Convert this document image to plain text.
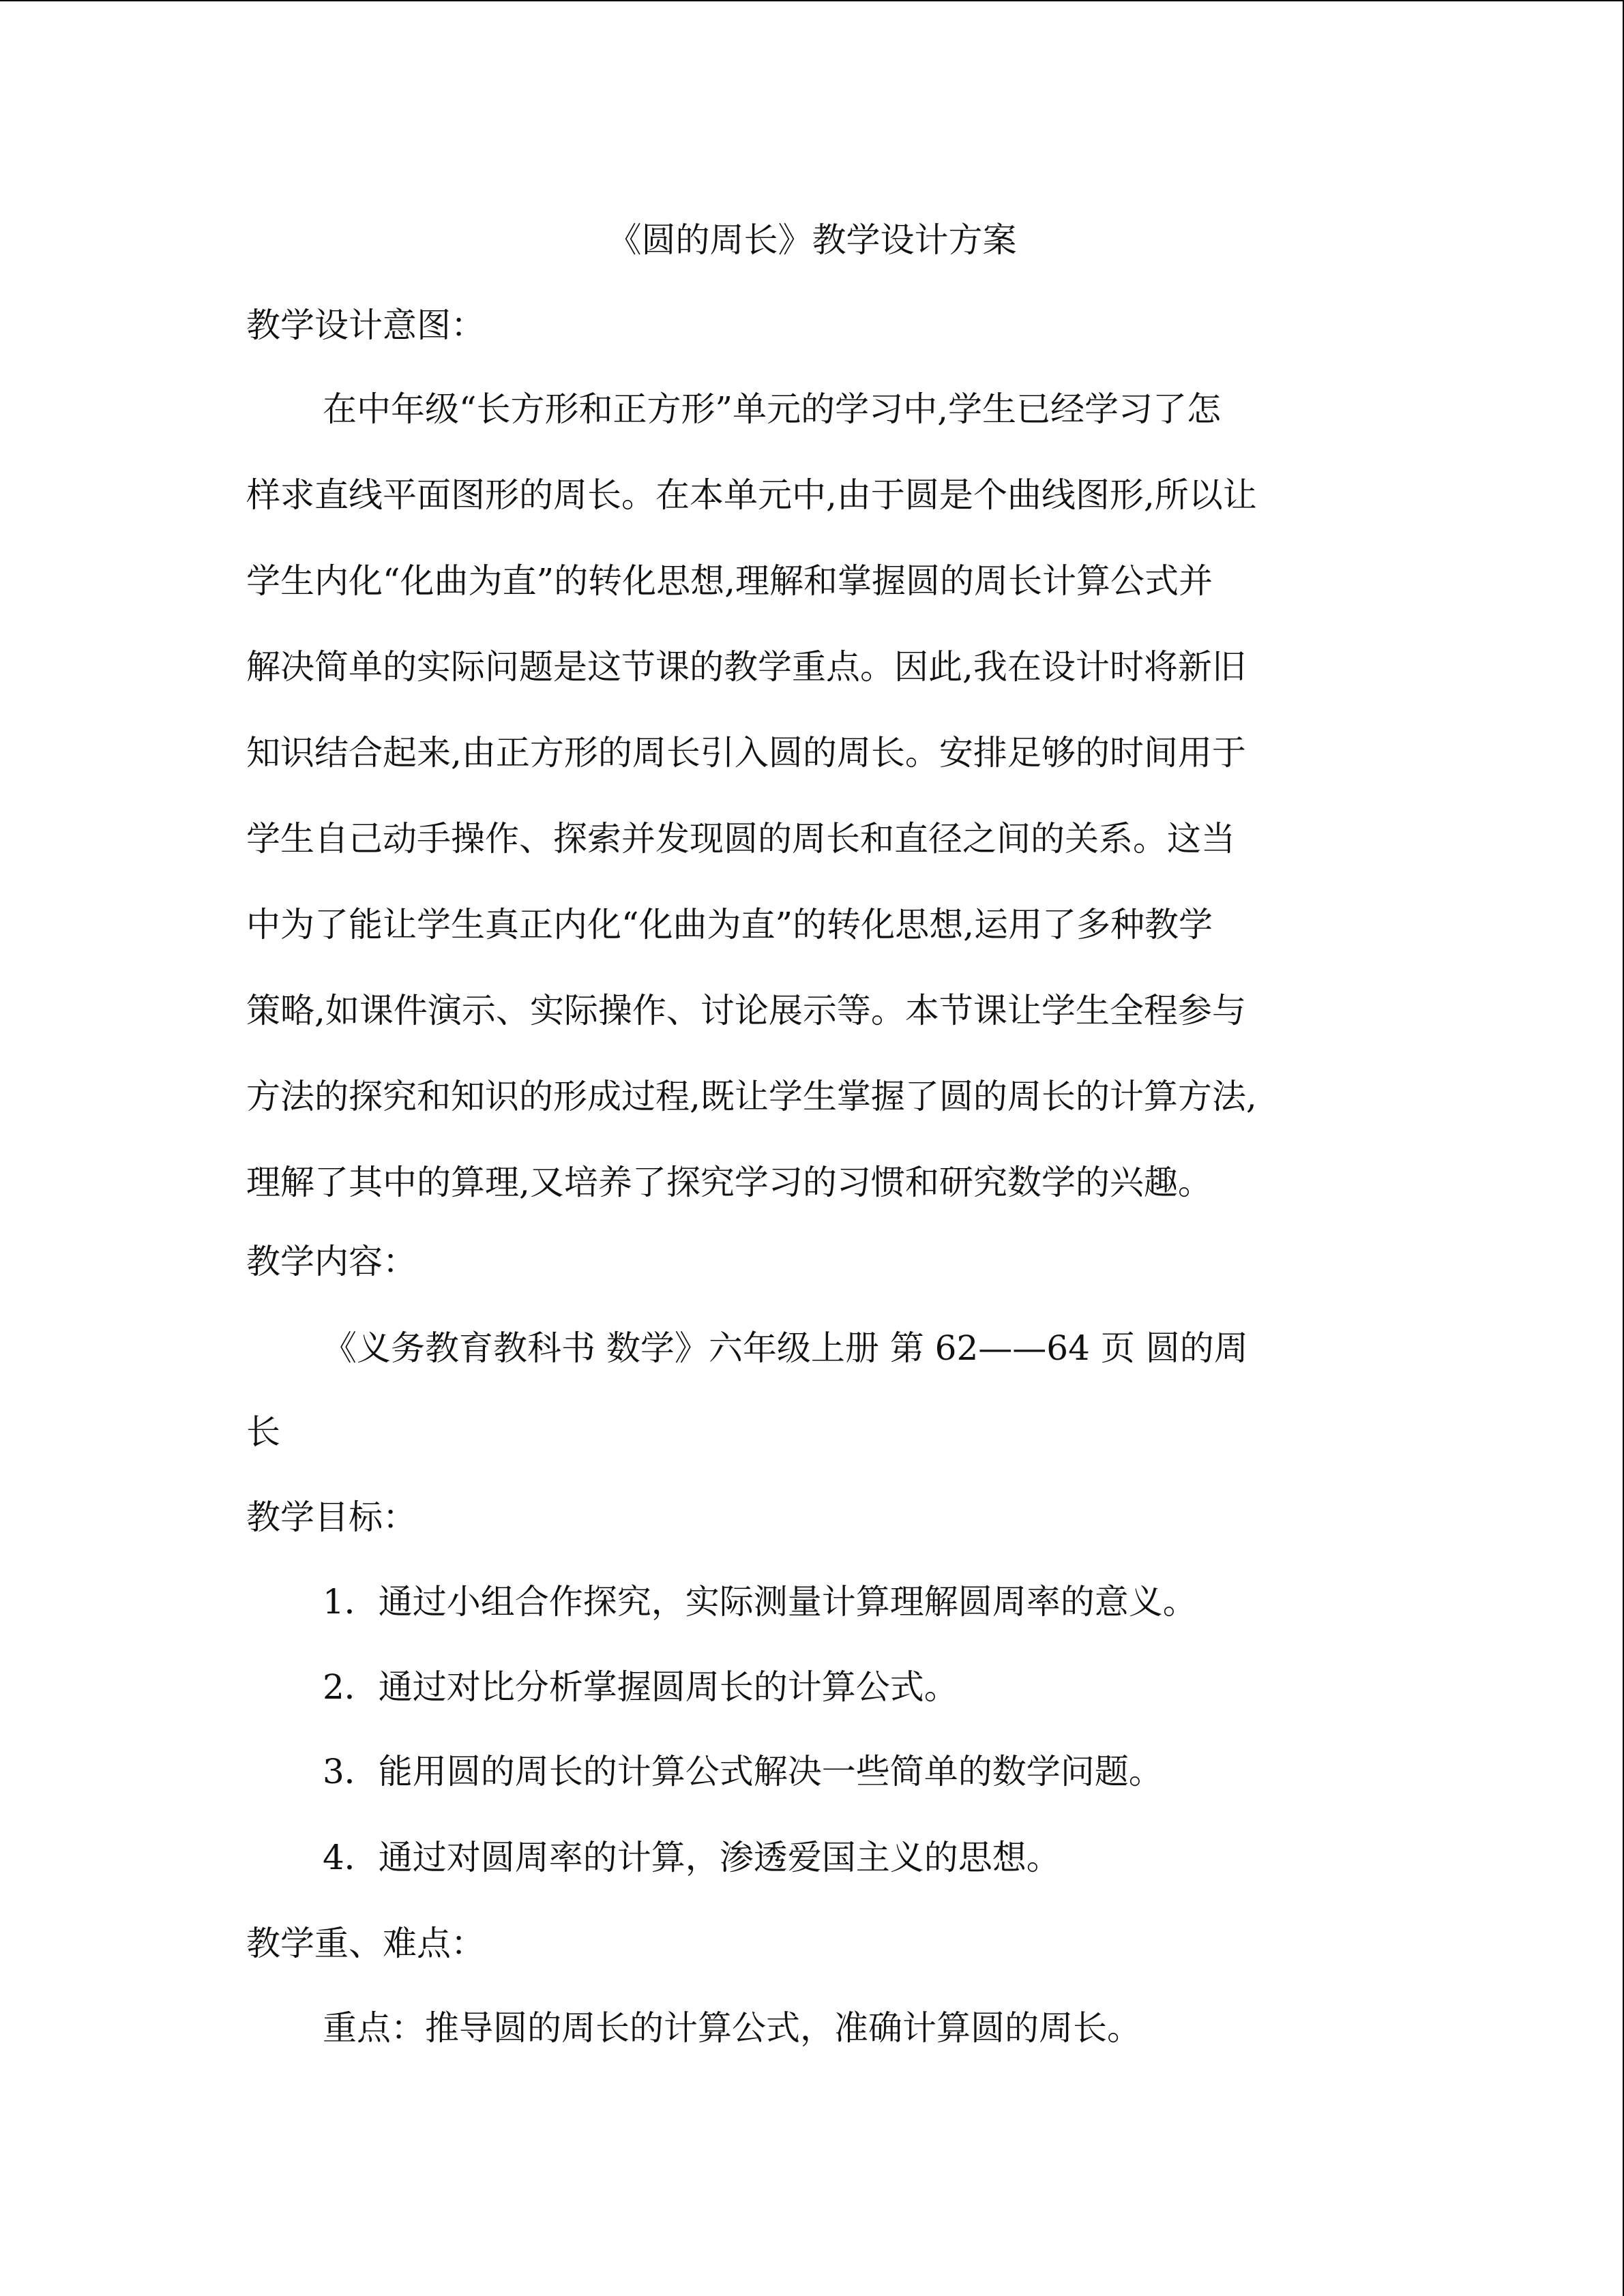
《圆的周长》教学设计方案
教学设计意图：
在中年级“长方形和正方形”单元的学习中,学生已经学习了怎
样求直线平面图形的周长。在本单元中,由于圆是个曲线图形,所以让
学生内化“化曲为直”的转化思想,理解和掌握圆的周长计算公式并
解决简单的实际问题是这节课的教学重点。因此,我在设计时将新旧
知识结合起来,由正方形的周长引入圆的周长。安排足够的时间用于
学生自己动手操作、探索并发现圆的周长和直径之间的关系。这当
中为了能让学生真正内化“化曲为直”的转化思想,运用了多种教学
策略,如课件演示、实际操作、讨论展示等。本节课让学生全程参与
方法的探究和知识的形成过程,既让学生掌握了圆的周长的计算方法,
理解了其中的算理,又培养了探究学习的习惯和研究数学的兴趣。
教学内容：
《义务教育教科书 数学》六年级上册 第 62——64 页 圆的周
长
教学目标：
1．通过小组合作探究，实际测量计算理解圆周率的意义。
2．通过对比分析掌握圆周长的计算公式。
3．能用圆的周长的计算公式解决一些简单的数学问题。
4．通过对圆周率的计算，渗透爱国主义的思想。
教学重、难点：
重点：推导圆的周长的计算公式，准确计算圆的周长。
